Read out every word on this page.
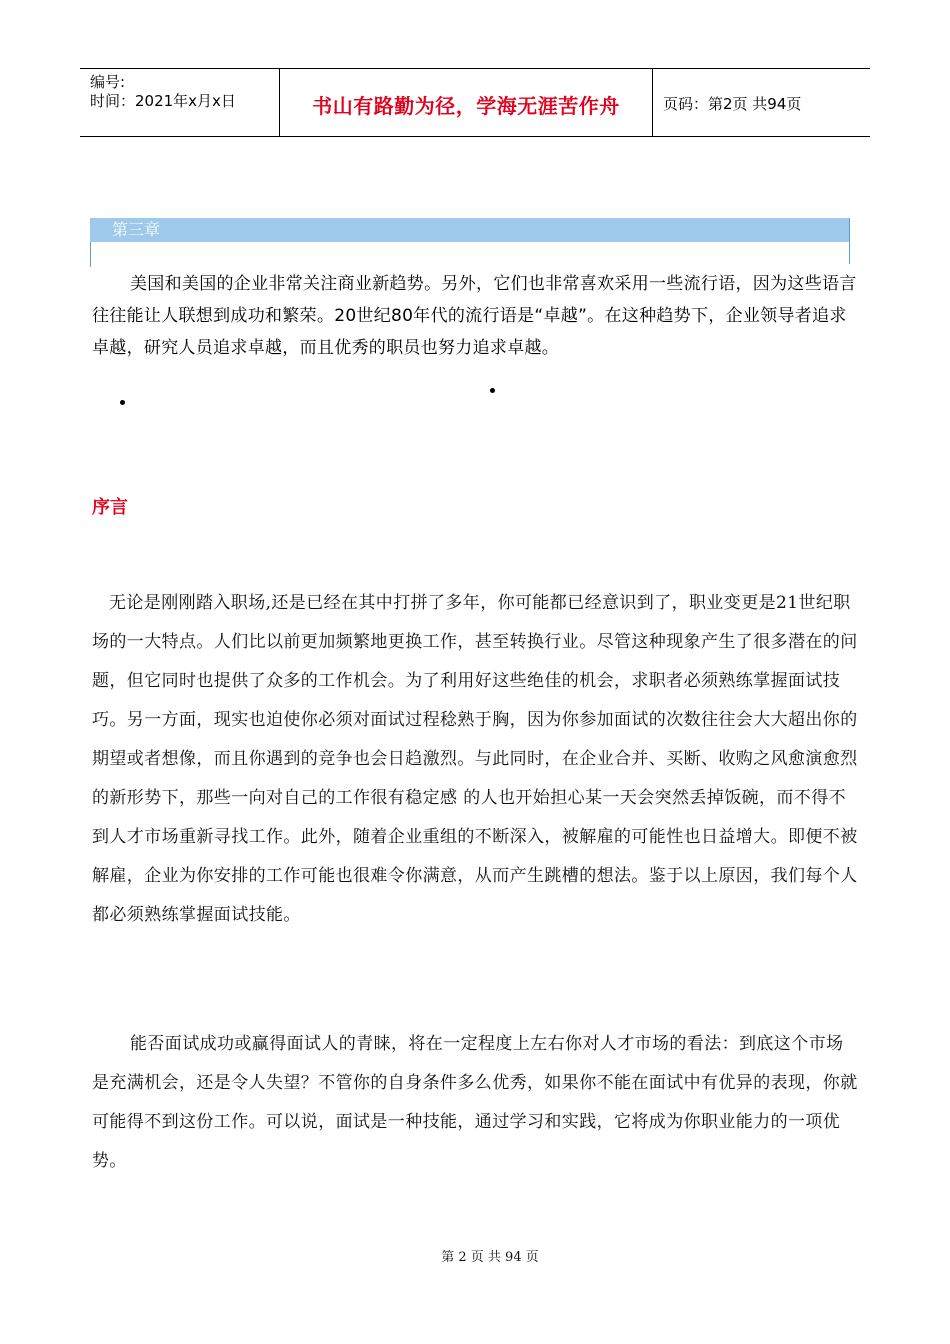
编号:
时间：2021年x月x日	书山有路勤为径，学海无涯苦作舟	页码：第2页 共94页
第三章

美国和美国的企业非常关注商业新趋势。另外，它们也非常喜欢采用一些流行语，因为这些语言往往能让人联想到成功和繁荣。20世纪80年代的流行语是“卓越”。在这种趋势下，企业领导者追求卓越，研究人员追求卓越，而且优秀的职员也努力追求卓越。

序言

无论是刚刚踏入职场,还是已经在其中打拼了多年，你可能都已经意识到了，职业变更是21世纪职场的一大特点。人们比以前更加频繁地更换工作，甚至转换行业。尽管这种现象产生了很多潜在的问题，但它同时也提供了众多的工作机会。为了利用好这些绝佳的机会，求职者必须熟练掌握面试技巧。另一方面，现实也迫使你必须对面试过程稔熟于胸，因为你参加面试的次数往往会大大超出你的期望或者想像，而且你遇到的竞争也会日趋激烈。与此同时，在企业合并、买断、收购之风愈演愈烈的新形势下，那些一向对自己的工作很有稳定感 的人也开始担心某一天会突然丢掉饭碗，而不得不到人才市场重新寻找工作。此外，随着企业重组的不断深入，被解雇的可能性也日益增大。即便不被解雇，企业为你安排的工作可能也很难令你满意，从而产生跳槽的想法。鉴于以上原因，我们每个人都必须熟练掌握面试技能。

能否面试成功或赢得面试人的青睐，将在一定程度上左右你对人才市场的看法：到底这个市场是充满机会，还是令人失望？不管你的自身条件多么优秀，如果你不能在面试中有优异的表现，你就可能得不到这份工作。可以说，面试是一种技能，通过学习和实践，它将成为你职业能力的一项优势。

第 2 页 共 94 页
